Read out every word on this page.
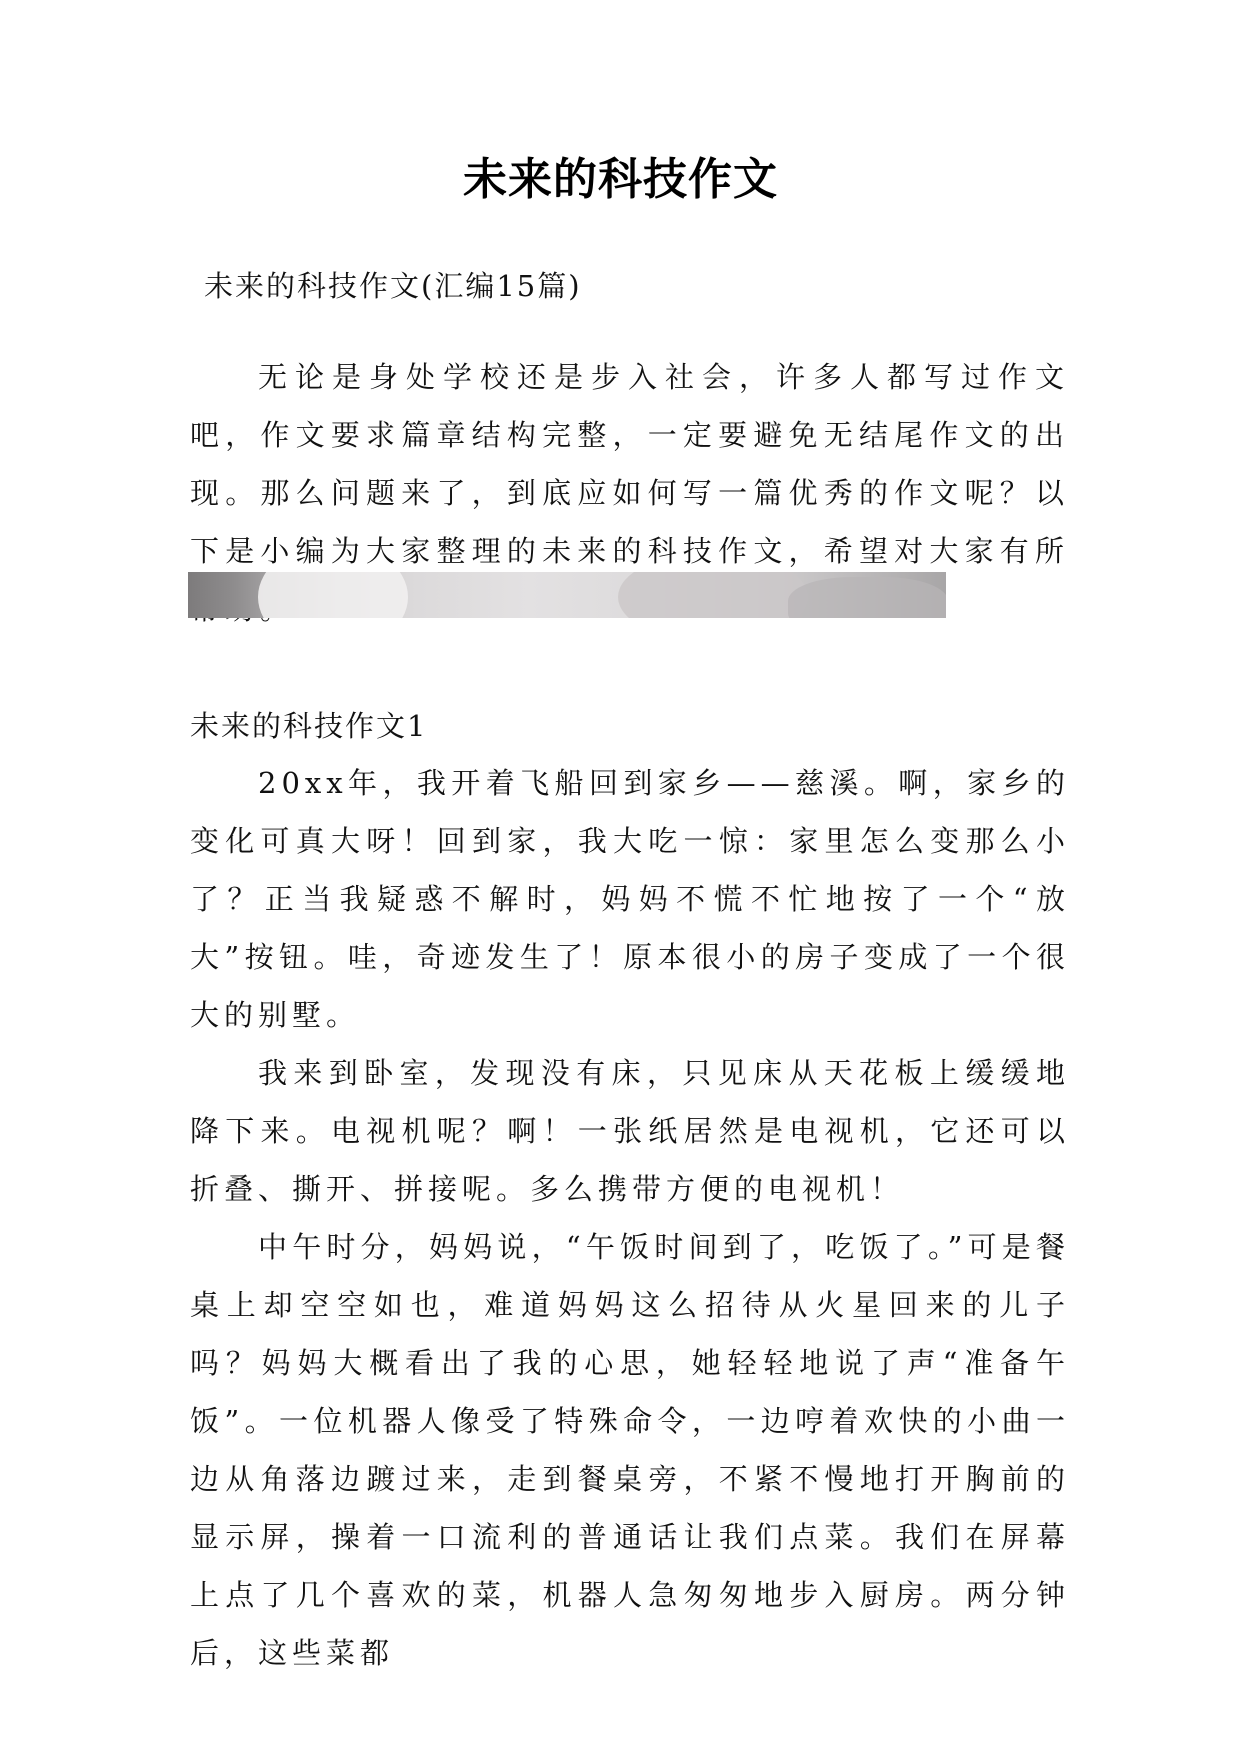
未来的科技作文
未来的科技作文(汇编15篇)

无论是身处学校还是步入社会，许多人都写过作文吧，作文要求篇章结构完整，一定要避免无结尾作文的出现。那么问题来了，到底应如何写一篇优秀的作文呢？以下是小编为大家整理的未来的科技作文，希望对大家有所

未来的科技作文1

20xx年，我开着飞船回到家乡——慈溪。啊，家乡的变化可真大呀！回到家，我大吃一惊：家里怎么变那么小了？正当我疑惑不解时，妈妈不慌不忙地按了一个“放大”按钮。哇，奇迹发生了！原本很小的房子变成了一个很大的别墅。

我来到卧室，发现没有床，只见床从天花板上缓缓地降下来。电视机呢？啊！一张纸居然是电视机，它还可以折叠、撕开、拼接呢。多么携带方便的电视机！

中午时分，妈妈说，“午饭时间到了，吃饭了。”可是餐桌上却空空如也，难道妈妈这么招待从火星回来的儿子吗？妈妈大概看出了我的心思，她轻轻地说了声“准备午饭”。一位机器人像受了特殊命令，一边哼着欢快的小曲一边从角落边踱过来，走到餐桌旁，不紧不慢地打开胸前的显示屏，操着一口流利的普通话让我们点菜。我们在屏幕上点了几个喜欢的菜，机器人急匆匆地步入厨房。两分钟后，这些菜都
